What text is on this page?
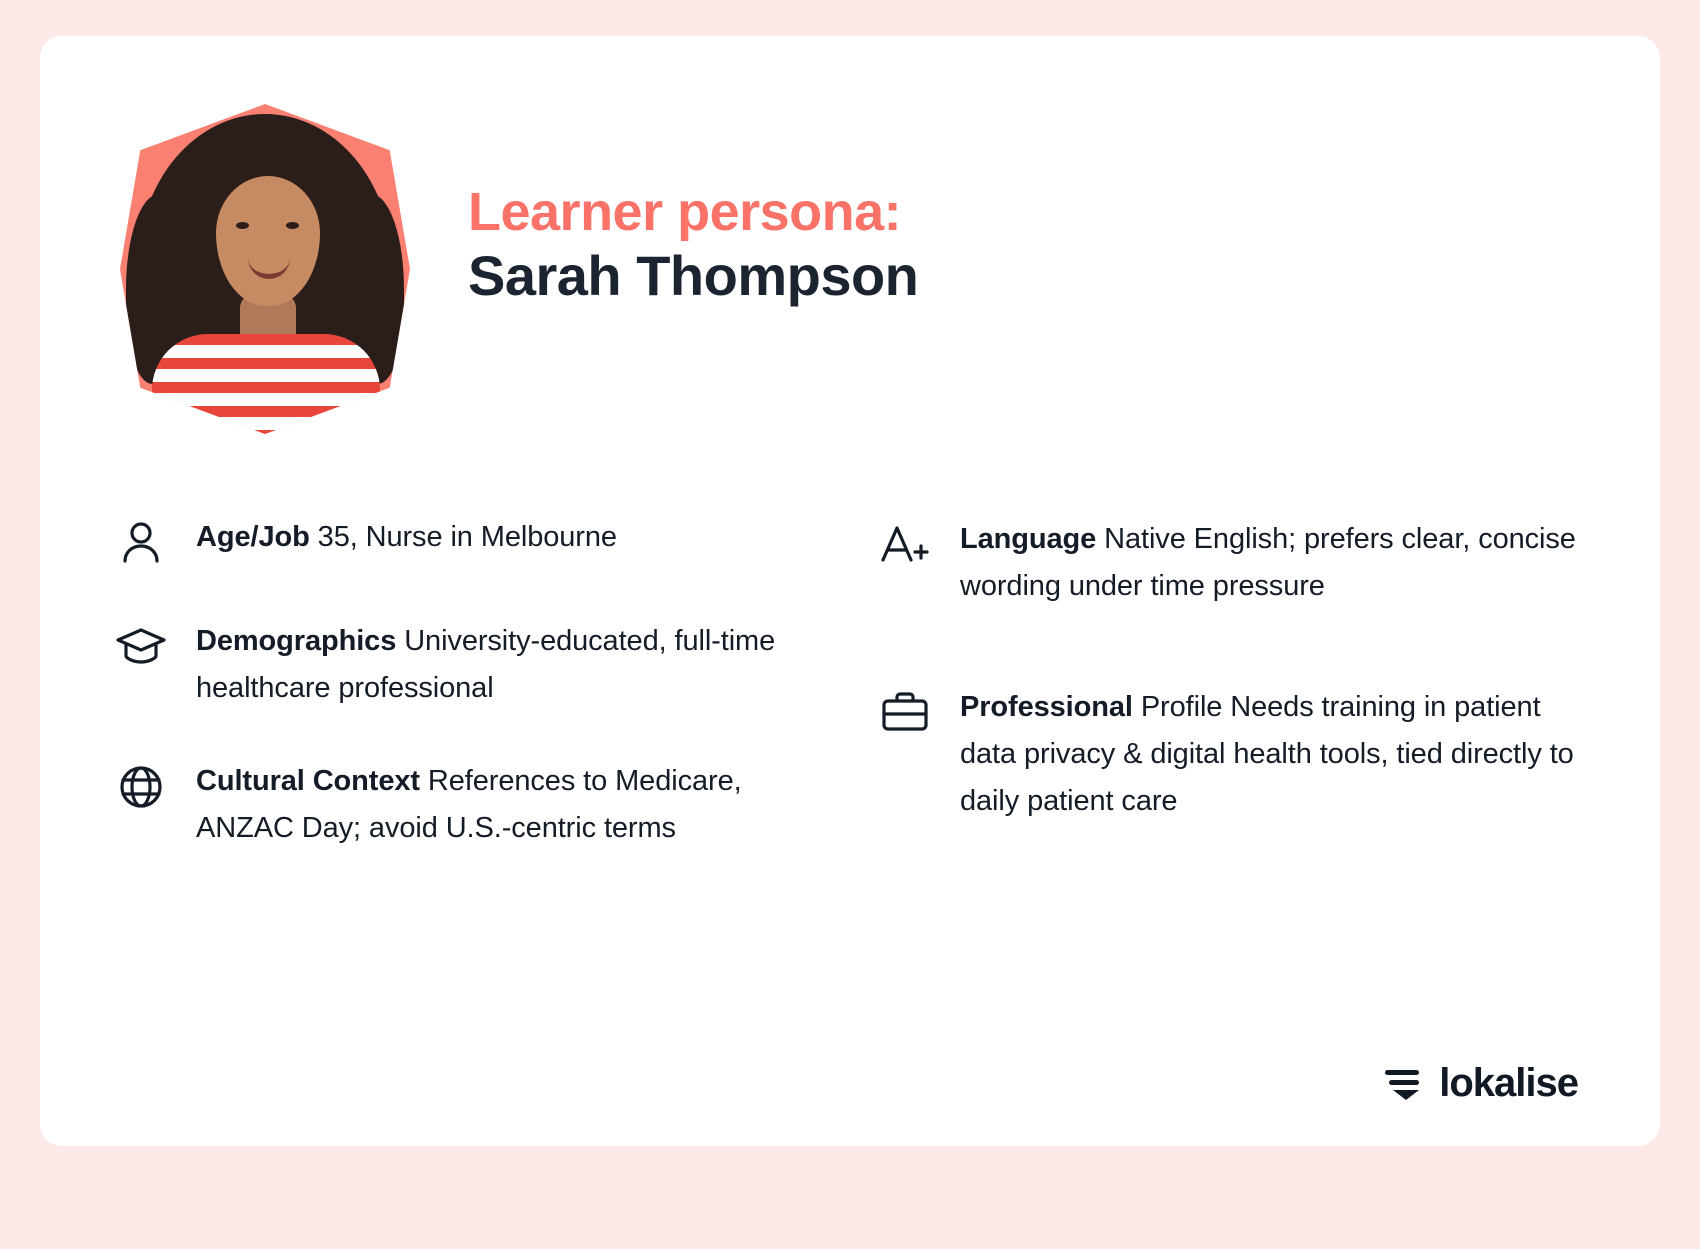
Learner persona:
Sarah Thompson
Age/Job 35, Nurse in Melbourne
Demographics University-educated, full-time healthcare professional
Cultural Context References to Medicare, ANZAC Day; avoid U.S.-centric terms
Language Native English; prefers clear, concise wording under time pressure
Professional Profile Needs training in patient data privacy & digital health tools, tied directly to daily patient care
lokalise
